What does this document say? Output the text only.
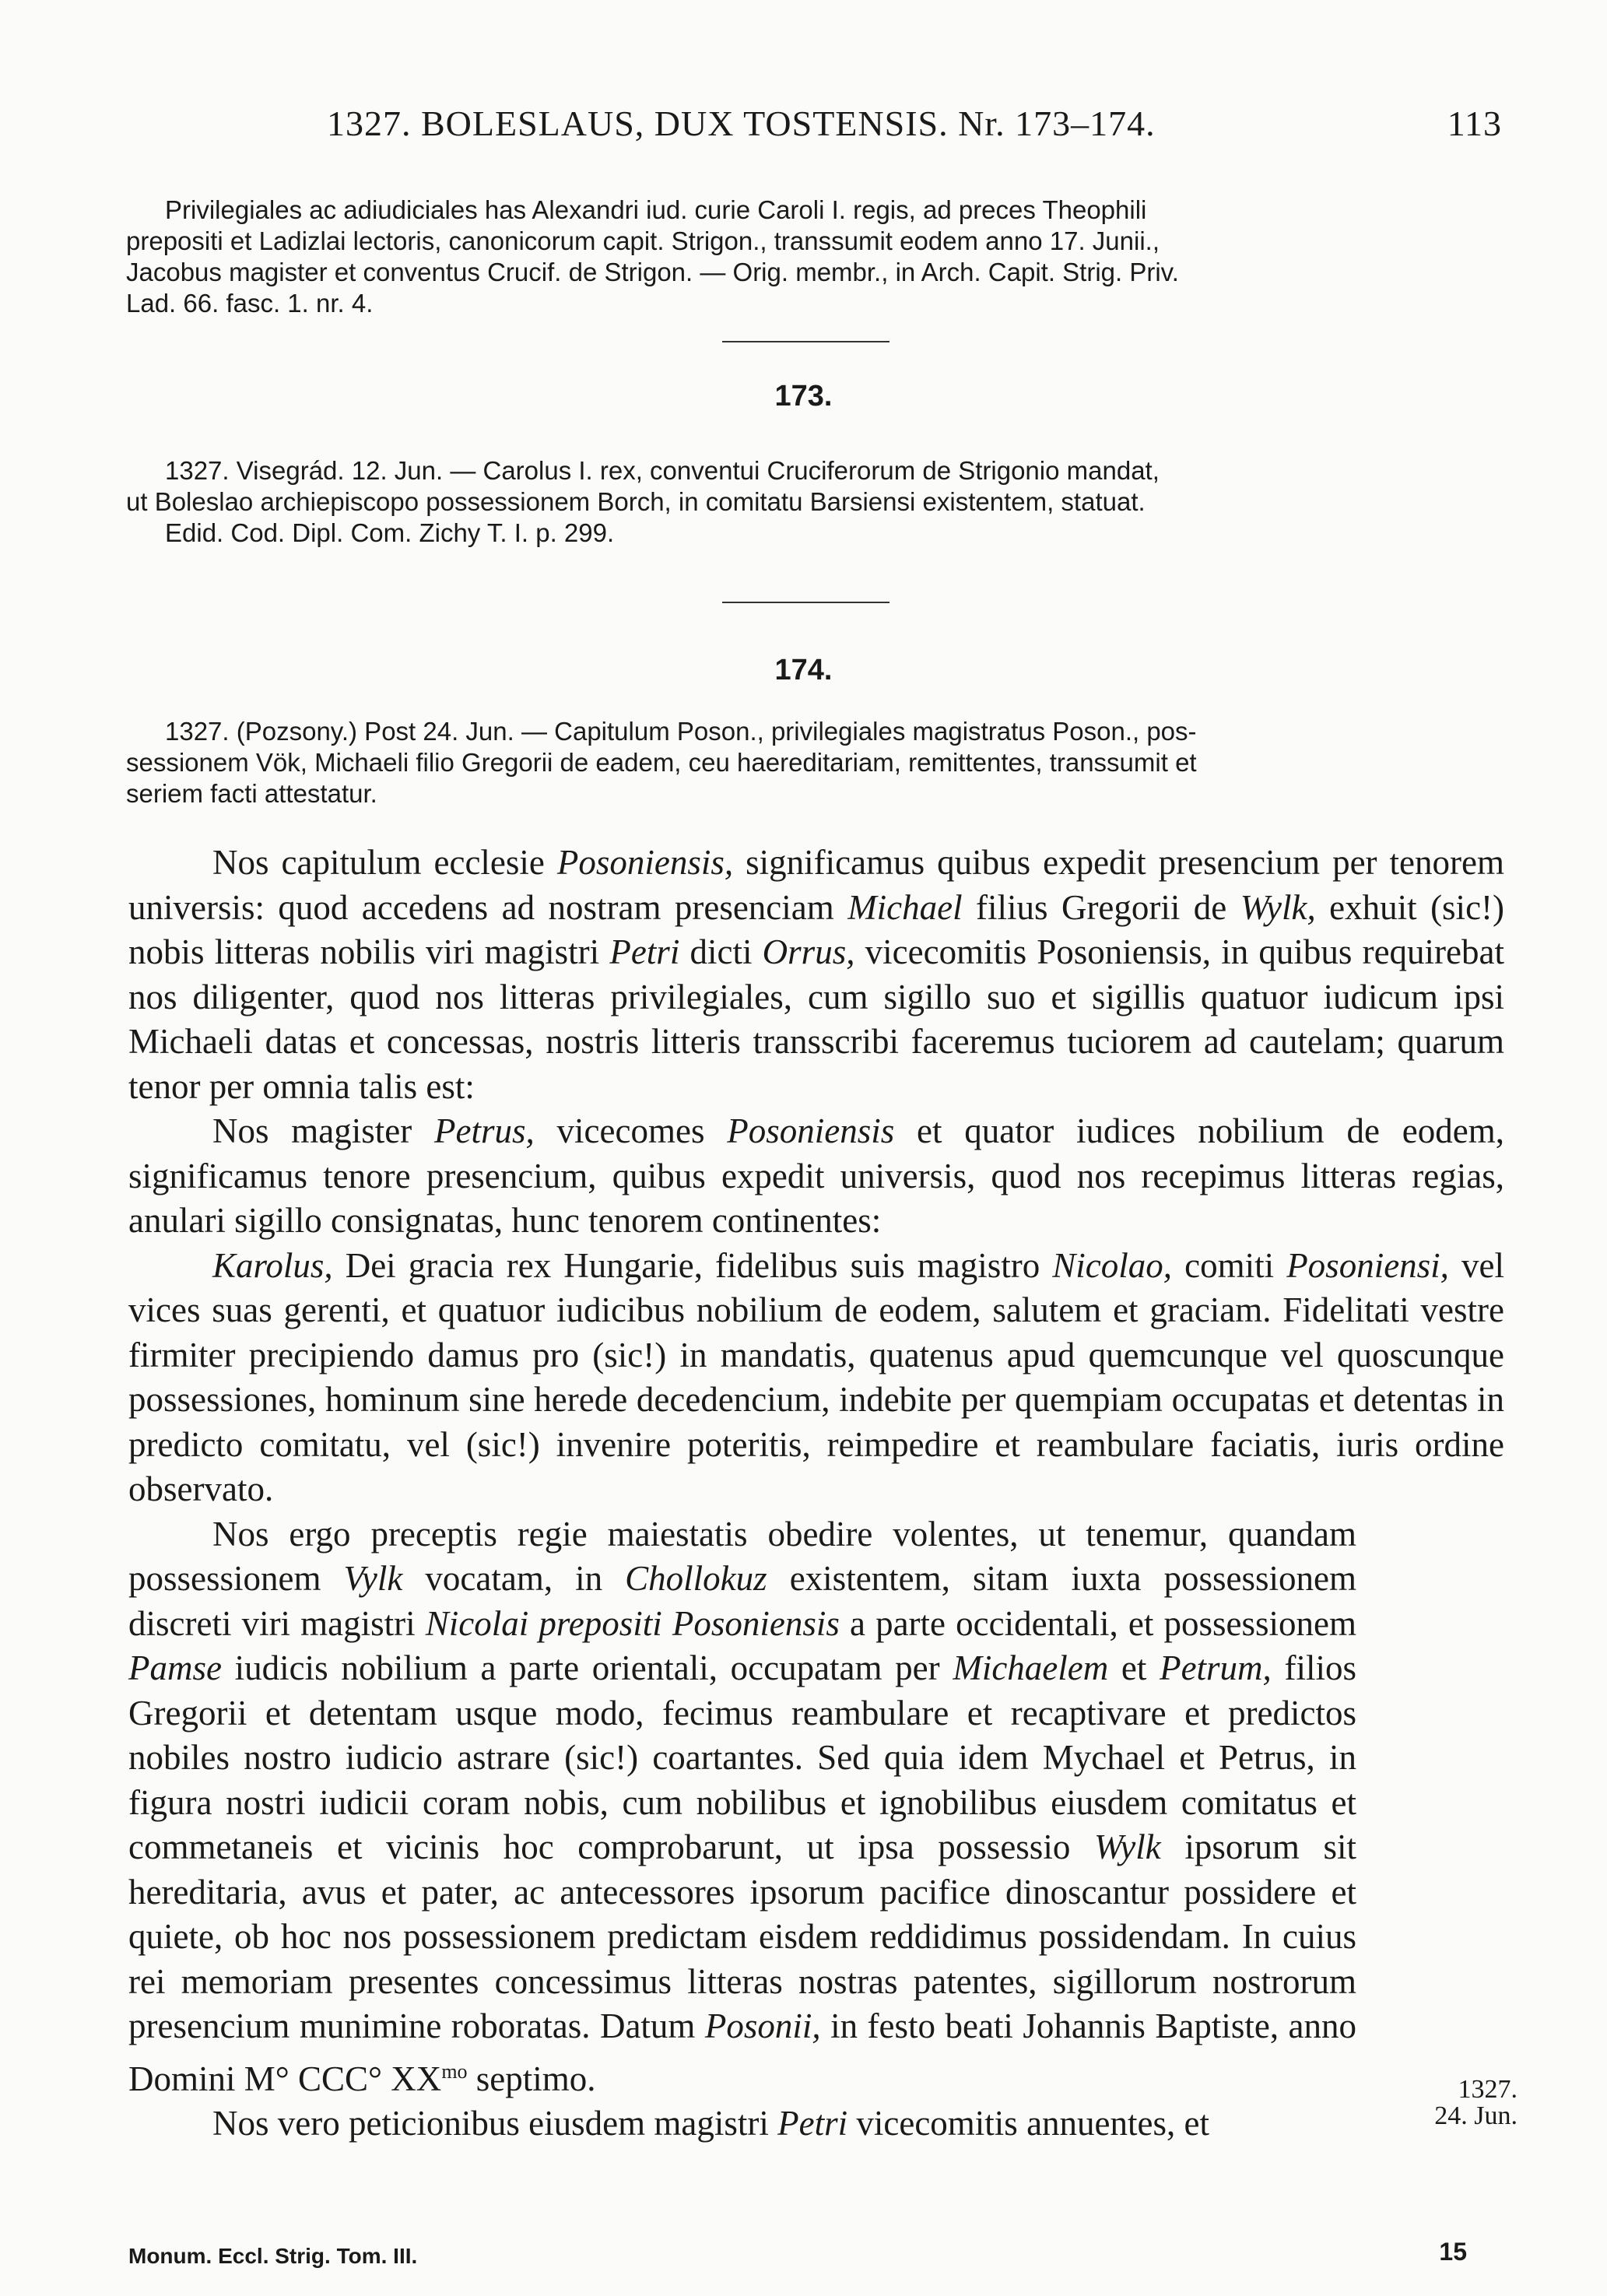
1327. BOLESLAUS, DUX TOSTENSIS. Nr. 173–174.	113
Privilegiales ac adiudiciales has Alexandri iud. curie Caroli I. regis, ad preces Theophili
prepositi et Ladizlai lectoris, canonicorum capit. Strigon., transsumit eodem anno 17. Junii.,
Jacobus magister et conventus Crucif. de Strigon. — Orig. membr., in Arch. Capit. Strig. Priv.
Lad. 66. fasc. 1. nr. 4.
173.
1327. Visegrád. 12. Jun. — Carolus I. rex, conventui Cruciferorum de Strigonio mandat,
ut Boleslao archiepiscopo possessionem Borch, in comitatu Barsiensi existentem, statuat.
Edid. Cod. Dipl. Com. Zichy T. I. p. 299.
174.
1327. (Pozsony.) Post 24. Jun. — Capitulum Poson., privilegiales magistratus Poson., pos-
sessionem Vök, Michaeli filio Gregorii de eadem, ceu haereditariam, remittentes, transsumit et
seriem facti attestatur.

Nos capitulum ecclesie Posoniensis, significamus quibus expedit presencium per tenorem universis: quod accedens ad nostram presenciam Michael filius Gregorii de Wylk, exhuit (sic!) nobis litteras nobilis viri magistri Petri dicti Orrus, vicecomitis Posoniensis, in quibus requirebat nos diligenter, quod nos litteras privilegiales, cum sigillo suo et sigillis quatuor iudicum ipsi Michaeli datas et concessas, nostris litteris transscribi faceremus tuciorem ad cautelam; quarum tenor per omnia talis est:

Nos magister Petrus, vicecomes Posoniensis et quator iudices nobilium de eodem, significamus tenore presencium, quibus expedit universis, quod nos recepimus litteras regias, anulari sigillo consignatas, hunc tenorem continentes:

Karolus, Dei gracia rex Hungarie, fidelibus suis magistro Nicolao, comiti Posoniensi, vel vices suas gerenti, et quatuor iudicibus nobilium de eodem, salutem et graciam. Fidelitati vestre firmiter precipiendo damus pro (sic!) in mandatis, quatenus apud quemcunque vel quoscunque possessiones, hominum sine herede decedencium, indebite per quempiam occupatas et detentas in predicto comitatu, vel (sic!) invenire poteritis, reimpedire et reambulare faciatis, iuris ordine observato.

Nos ergo preceptis regie maiestatis obedire volentes, ut tenemur, quandam possessionem Vylk vocatam, in Chollokuz existentem, sitam iuxta possessionem discreti viri magistri Nicolai prepositi Posoniensis a parte occidentali, et possessionem Pamse iudicis nobilium a parte orientali, occupatam per Michaelem et Petrum, filios Gregorii et detentam usque modo, fecimus reambulare et recaptivare et predictos nobiles nostro iudicio astrare (sic!) coartantes. Sed quia idem Mychael et Petrus, in figura nostri iudicii coram nobis, cum nobilibus et ignobilibus eiusdem comitatus et commetaneis et vicinis hoc comprobarunt, ut ipsa possessio Wylk ipsorum sit hereditaria, avus et pater, ac antecessores ipsorum pacifice dinoscantur possidere et quiete, ob hoc nos possessionem predictam eisdem reddidimus possidendam. In cuius rei memoriam presentes concessimus litteras nostras patentes, sigillorum nostrorum presencium munimine roboratas. Datum Posonii, in festo beati Johannis Baptiste, anno Domini M° CCC° $XX^{mo}$ septimo.

Nos vero peticionibus eiusdem magistri Petri vicecomitis annuentes, et

1327.
24. Jun.
Monum. Eccl. Strig. Tom. III.	15
